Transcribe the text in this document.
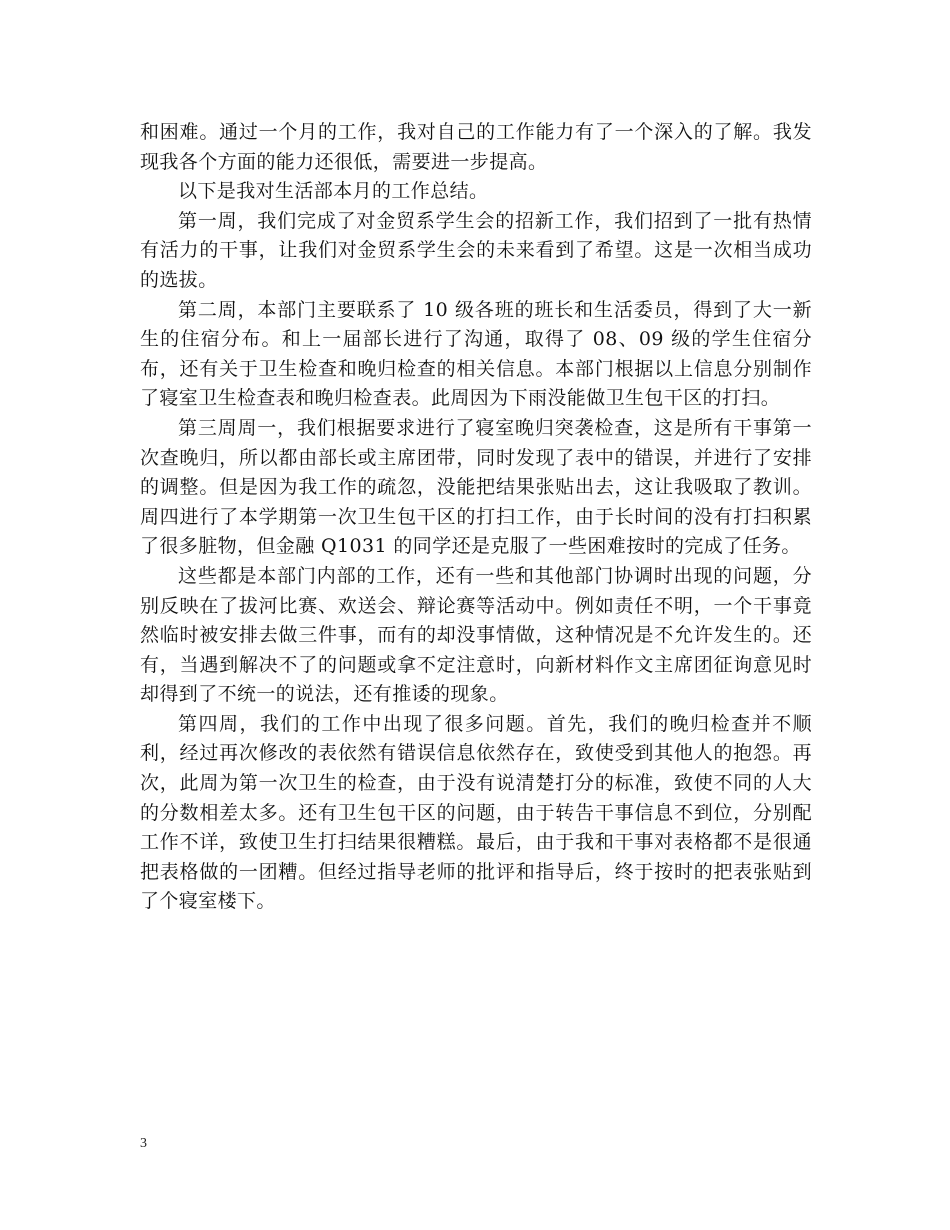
和困难。通过一个月的工作，我对自己的工作能力有了一个深入的了解。我发现我各个方面的能力还很低，需要进一步提高。

以下是我对生活部本月的工作总结。

第一周，我们完成了对金贸系学生会的招新工作，我们招到了一批有热情有活力的干事，让我们对金贸系学生会的未来看到了希望。这是一次相当成功的选拔。

第二周，本部门主要联系了 10 级各班的班长和生活委员，得到了大一新生的住宿分布。和上一届部长进行了沟通，取得了 08、09 级的学生住宿分布，还有关于卫生检查和晚归检查的相关信息。本部门根据以上信息分别制作了寝室卫生检查表和晚归检查表。此周因为下雨没能做卫生包干区的打扫。

第三周周一，我们根据要求进行了寝室晚归突袭检查，这是所有干事第一次查晚归，所以都由部长或主席团带，同时发现了表中的错误，并进行了安排的调整。但是因为我工作的疏忽，没能把结果张贴出去，这让我吸取了教训。周四进行了本学期第一次卫生包干区的打扫工作，由于长时间的没有打扫积累了很多脏物，但金融 Q1031 的同学还是克服了一些困难按时的完成了任务。

这些都是本部门内部的工作，还有一些和其他部门协调时出现的问题，分别反映在了拔河比赛、欢送会、辩论赛等活动中。例如责任不明，一个干事竟然临时被安排去做三件事，而有的却没事情做，这种情况是不允许发生的。还有，当遇到解决不了的问题或拿不定注意时，向新材料作文主席团征询意见时却得到了不统一的说法，还有推诿的现象。

第四周，我们的工作中出现了很多问题。首先，我们的晚归检查并不顺利，经过再次修改的表依然有错误信息依然存在，致使受到其他人的抱怨。再次，此周为第一次卫生的检查，由于没有说清楚打分的标准，致使不同的人大的分数相差太多。还有卫生包干区的问题，由于转告干事信息不到位，分别配工作不详，致使卫生打扫结果很糟糕。最后，由于我和干事对表格都不是很通把表格做的一团糟。但经过指导老师的批评和指导后，终于按时的把表张贴到了个寝室楼下。

3
